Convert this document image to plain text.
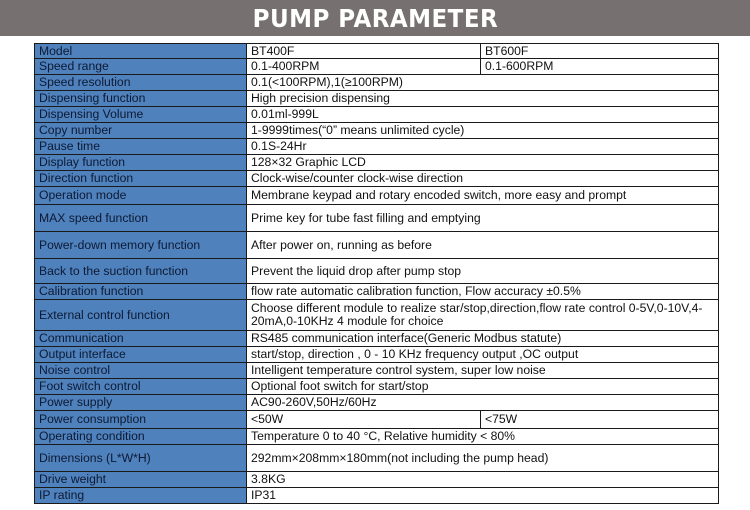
PUMP PARAMETER
Model	BT400F	BT600F
Speed range	0.1-400RPM	0.1-600RPM
Speed resolution	0.1(<100RPM),1(≥100RPM)	
Dispensing function	High precision dispensing	
Dispensing Volume	0.01ml-999L	
Copy number	1-9999times(“0” means unlimited cycle)	
Pause time	0.1S-24Hr	
Display function	128×32 Graphic LCD	
Direction function	Clock-wise/counter clock-wise direction	
Operation mode	Membrane keypad and rotary encoded switch, more easy and prompt	
MAX speed function	Prime key for tube fast filling and emptying	
Power-down memory function	After power on, running as before	
Back to the suction function	Prevent the liquid drop after pump stop	
Calibration function	flow rate automatic calibration function, Flow accuracy ±0.5%	
External control function	Choose different module to realize star/stop,direction,flow rate control 0-5V,0-10V,4-20mA,0-10KHz 4 module for choice	
Communication	RS485 communication interface(Generic Modbus statute)	
Output interface	start/stop, direction , 0 - 10 KHz frequency output ,OC output	
Noise control	Intelligent temperature control system, super low noise	
Foot switch control	Optional foot switch for start/stop	
Power supply	AC90-260V,50Hz/60Hz	
Power consumption	<50W	<75W
Operating condition	Temperature 0 to 40 °C, Relative humidity < 80%	
Dimensions (L*W*H)	292mm×208mm×180mm(not including the pump head)	
Drive weight	3.8KG	
IP rating	IP31	
